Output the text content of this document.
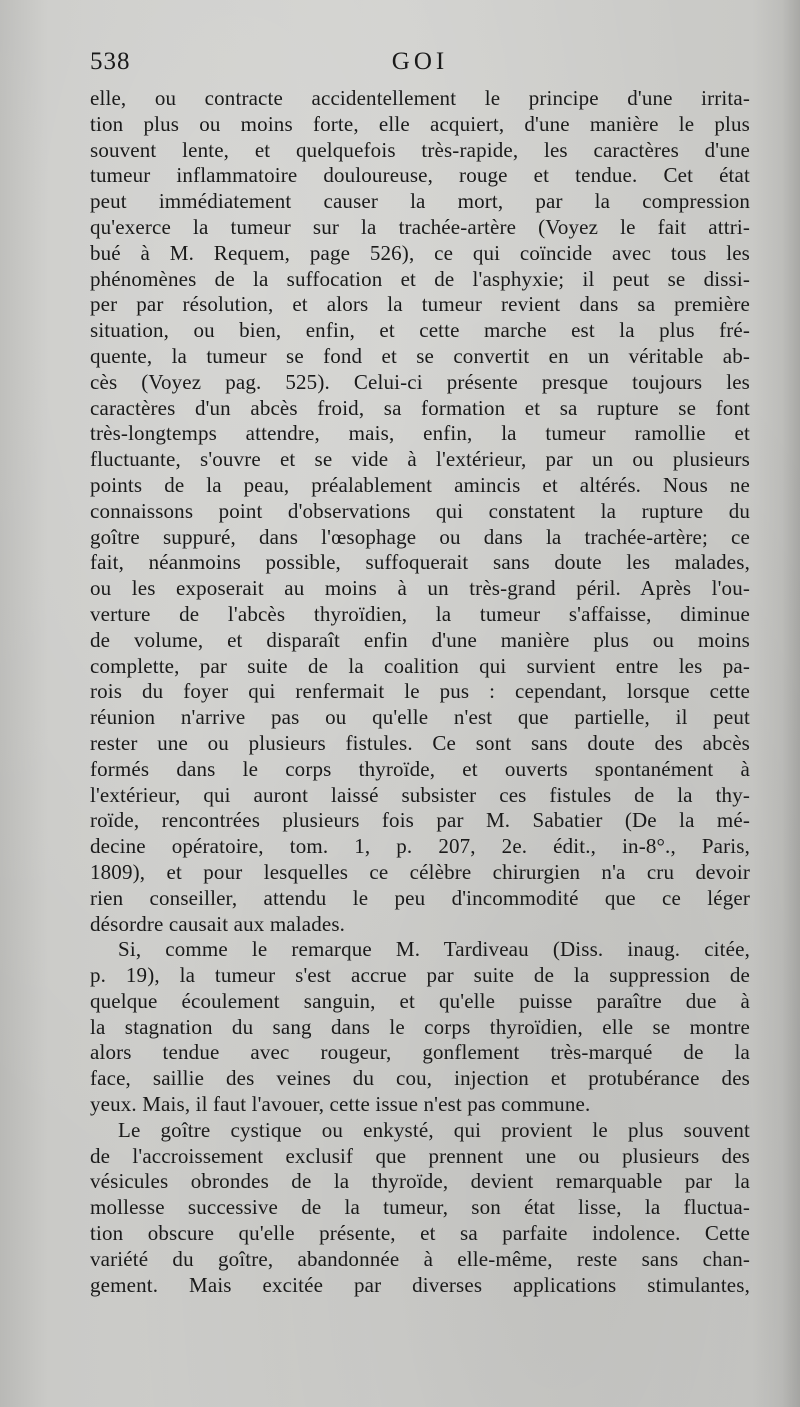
538	GOI
elle, ou contracte accidentellement le principe d'une irrita-
tion plus ou moins forte, elle acquiert, d'une manière le plus
souvent lente, et quelquefois très-rapide, les caractères d'une
tumeur inflammatoire douloureuse, rouge et tendue. Cet état
peut immédiatement causer la mort, par la compression
qu'exerce la tumeur sur la trachée-artère (Voyez le fait attri-
bué à M. Requem, page 526), ce qui coïncide avec tous les
phénomènes de la suffocation et de l'asphyxie; il peut se dissi-
per par résolution, et alors la tumeur revient dans sa première
situation, ou bien, enfin, et cette marche est la plus fré-
quente, la tumeur se fond et se convertit en un véritable ab-
cès (Voyez pag. 525). Celui-ci présente presque toujours les
caractères d'un abcès froid, sa formation et sa rupture se font
très-longtemps attendre, mais, enfin, la tumeur ramollie et
fluctuante, s'ouvre et se vide à l'extérieur, par un ou plusieurs
points de la peau, préalablement amincis et altérés. Nous ne
connaissons point d'observations qui constatent la rupture du
goître suppuré, dans l'œsophage ou dans la trachée-artère; ce
fait, néanmoins possible, suffoquerait sans doute les malades,
ou les exposerait au moins à un très-grand péril. Après l'ou-
verture de l'abcès thyroïdien, la tumeur s'affaisse, diminue
de volume, et disparaît enfin d'une manière plus ou moins
complette, par suite de la coalition qui survient entre les pa-
rois du foyer qui renfermait le pus : cependant, lorsque cette
réunion n'arrive pas ou qu'elle n'est que partielle, il peut
rester une ou plusieurs fistules. Ce sont sans doute des abcès
formés dans le corps thyroïde, et ouverts spontanément à
l'extérieur, qui auront laissé subsister ces fistules de la thy-
roïde, rencontrées plusieurs fois par M. Sabatier (De la mé-
decine opératoire, tom. 1, p. 207, 2e. édit., in-8°., Paris,
1809), et pour lesquelles ce célèbre chirurgien n'a cru devoir
rien conseiller, attendu le peu d'incommodité que ce léger
désordre causait aux malades.
Si, comme le remarque M. Tardiveau (Diss. inaug. citée,
p. 19), la tumeur s'est accrue par suite de la suppression de
quelque écoulement sanguin, et qu'elle puisse paraître due à
la stagnation du sang dans le corps thyroïdien, elle se montre
alors tendue avec rougeur, gonflement très-marqué de la
face, saillie des veines du cou, injection et protubérance des
yeux. Mais, il faut l'avouer, cette issue n'est pas commune.
Le goître cystique ou enkysté, qui provient le plus souvent
de l'accroissement exclusif que prennent une ou plusieurs des
vésicules obrondes de la thyroïde, devient remarquable par la
mollesse successive de la tumeur, son état lisse, la fluctua-
tion obscure qu'elle présente, et sa parfaite indolence. Cette
variété du goître, abandonnée à elle-même, reste sans chan-
gement. Mais excitée par diverses applications stimulantes,
